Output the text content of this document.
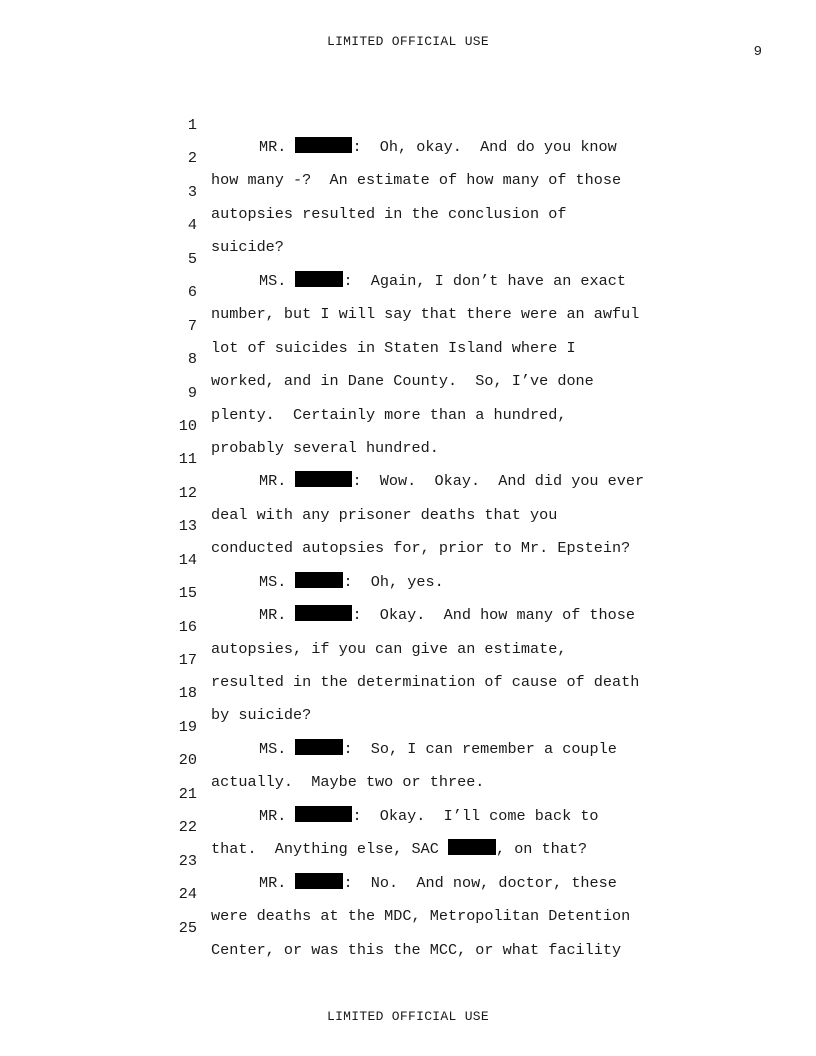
LIMITED OFFICIAL USE
9

1

MR.	:  Oh, okay.  And do you know

2

how many -?  An estimate of how many of those

3

autopsies resulted in the conclusion of

4

suicide?

5

MS.	:  Again, I don’t have an exact

6

number, but I will say that there were an awful

7

lot of suicides in Staten Island where I

8

worked, and in Dane County.  So, I’ve done

9

plenty.  Certainly more than a hundred,

10

probably several hundred.

11

MR.	:  Wow.  Okay.  And did you ever

12

deal with any prisoner deaths that you

13

conducted autopsies for, prior to Mr. Epstein?

14

MS.	:  Oh, yes.

15

MR.	:  Okay.  And how many of those

16

autopsies, if you can give an estimate,

17

resulted in the determination of cause of death

18

by suicide?

19

MS.	:  So, I can remember a couple

20

actually.  Maybe two or three.

21

MR.	:  Okay.  I’ll come back to

22

that.  Anything else, SAC	, on that?

23

MR.	:  No.  And now, doctor, these

24

were deaths at the MDC, Metropolitan Detention

25

Center, or was this the MCC, or what facility

LIMITED OFFICIAL USE
